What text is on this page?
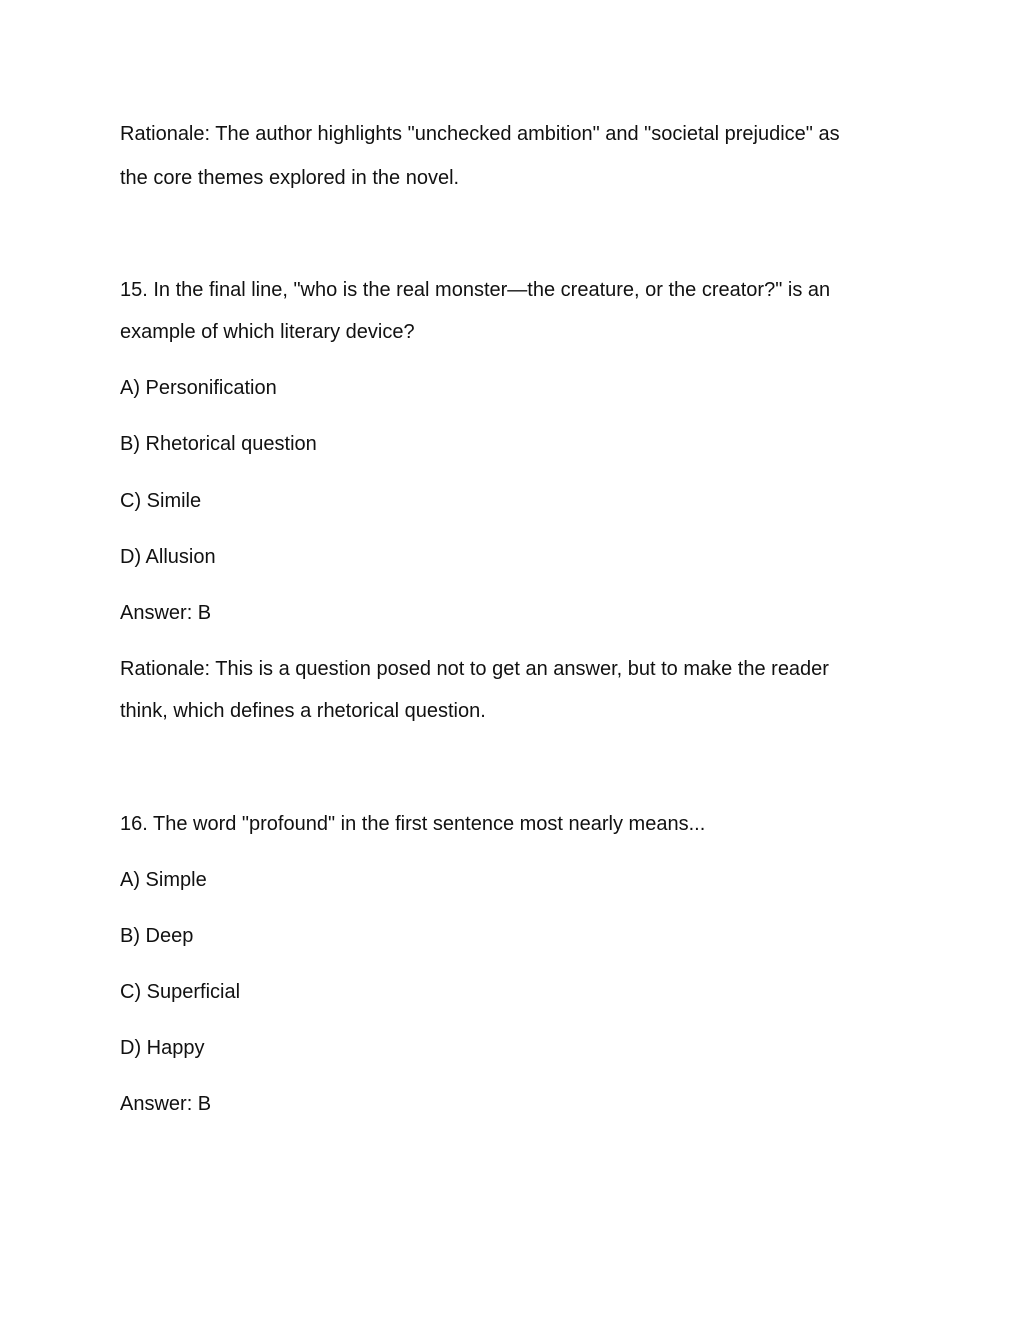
Rationale: The author highlights "unchecked ambition" and "societal prejudice" as
the core themes explored in the novel.
15. In the final line, "who is the real monster—the creature, or the creator?" is an
example of which literary device?
A) Personification
B) Rhetorical question
C) Simile
D) Allusion
Answer: B
Rationale: This is a question posed not to get an answer, but to make the reader
think, which defines a rhetorical question.
16. The word "profound" in the first sentence most nearly means...
A) Simple
B) Deep
C) Superficial
D) Happy
Answer: B
